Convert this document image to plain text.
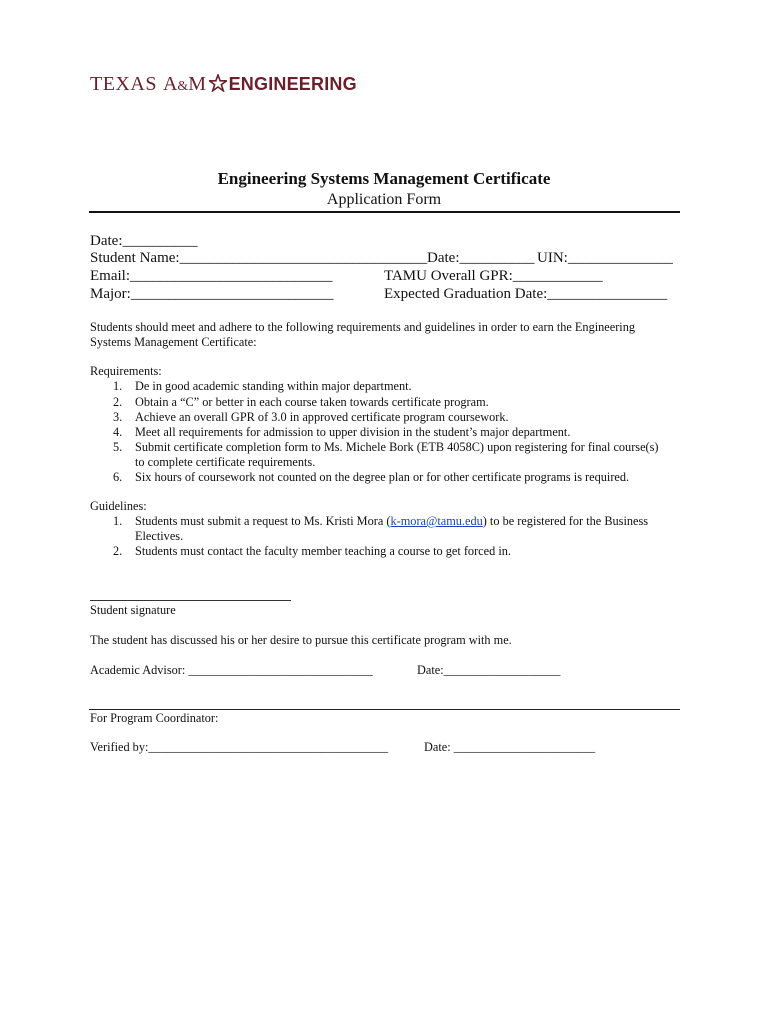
TEXAS A & M ENGINEERING
Engineering Systems Management Certificate
Application Form
Date:__________
Student Name:_________________________________ Date:__________ UIN:______________
Email:___________________________	TAMU Overall GPR:____________
Major:___________________________	Expected Graduation Date:________________
Students should meet and adhere to the following requirements and guidelines in order to earn the Engineering
Systems Management Certificate:
Requirements:
1. De in good academic standing within major department.
2. Obtain a “C” or better in each course taken towards certificate program.
3. Achieve an overall GPR of 3.0 in approved certificate program coursework.
4. Meet all requirements for admission to upper division in the student’s major department.
5. Submit certificate completion form to Ms. Michele Bork (ETB 4058C) upon registering for final course(s)
to complete certificate requirements.
6. Six hours of coursework not counted on the degree plan or for other certificate programs is required.
Guidelines:
1. Students must submit a request to Ms. Kristi Mora (k-mora@tamu.edu) to be registered for the Business
Electives.
2. Students must contact the faculty member teaching a course to get forced in.
Student signature
The student has discussed his or her desire to pursue this certificate program with me.
Academic Advisor: ______________________________	Date:___________________
For Program Coordinator:
Verified by:_______________________________________	Date: _______________________
